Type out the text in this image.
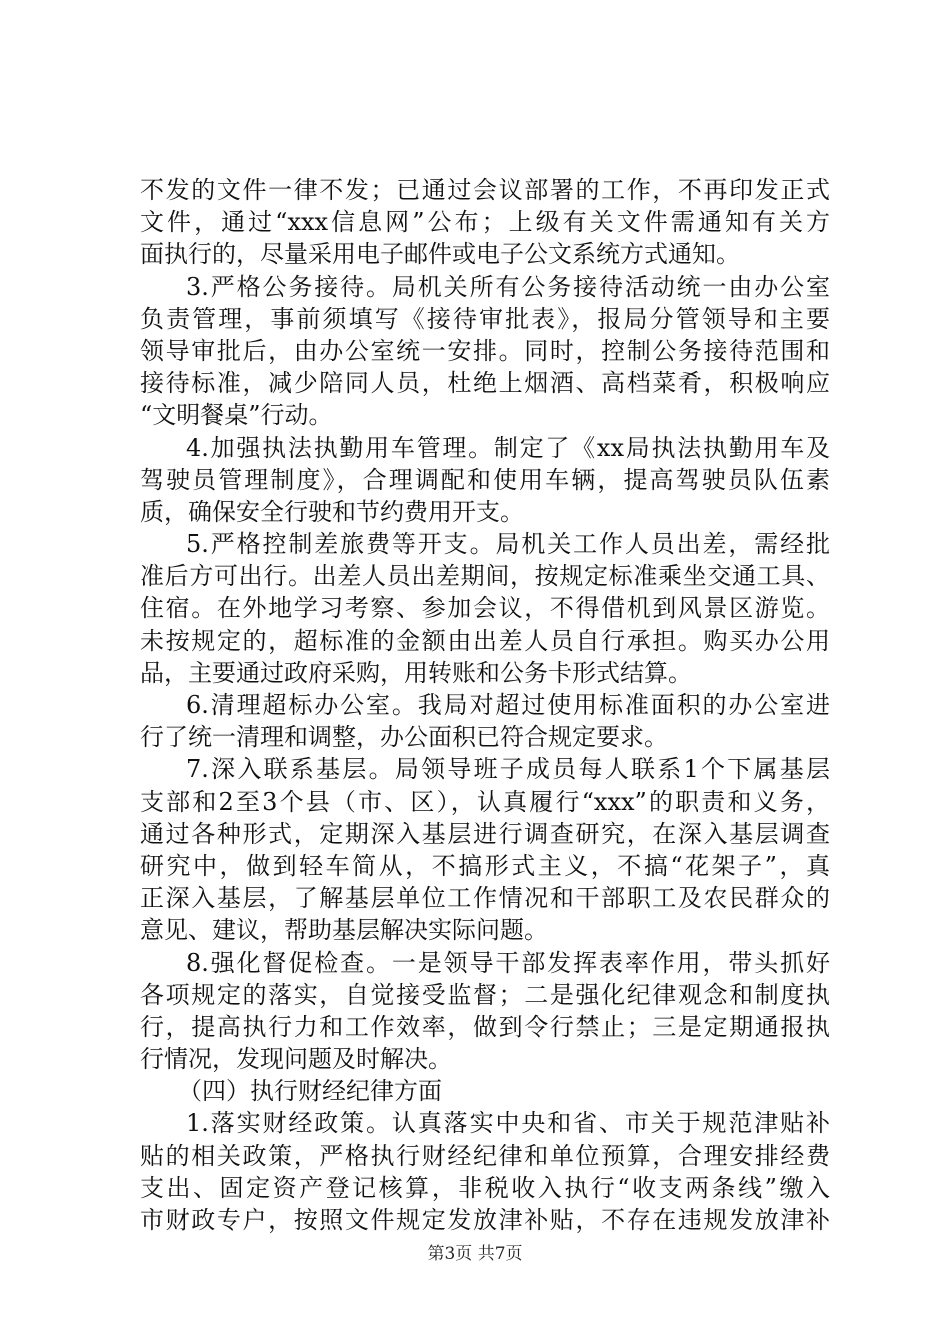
不发的文件一律不发；已通过会议部署的工作，不再印发正式
文件，通过“xxx信息网”公布；上级有关文件需通知有关方
面执行的，尽量采用电子邮件或电子公文系统方式通知。
3.严格公务接待。局机关所有公务接待活动统一由办公室
负责管理，事前须填写《接待审批表》，报局分管领导和主要
领导审批后，由办公室统一安排。同时，控制公务接待范围和
接待标准，减少陪同人员，杜绝上烟酒、高档菜肴，积极响应
“文明餐桌”行动。
4.加强执法执勤用车管理。制定了《xx局执法执勤用车及
驾驶员管理制度》，合理调配和使用车辆，提高驾驶员队伍素
质，确保安全行驶和节约费用开支。
5.严格控制差旅费等开支。局机关工作人员出差，需经批
准后方可出行。出差人员出差期间，按规定标准乘坐交通工具、
住宿。在外地学习考察、参加会议，不得借机到风景区游览。
未按规定的，超标准的金额由出差人员自行承担。购买办公用
品，主要通过政府采购，用转账和公务卡形式结算。
6.清理超标办公室。我局对超过使用标准面积的办公室进
行了统一清理和调整，办公面积已符合规定要求。
7.深入联系基层。局领导班子成员每人联系1个下属基层
支部和2至3个县（市、区），认真履行“xxx”的职责和义务，
通过各种形式，定期深入基层进行调查研究，在深入基层调查
研究中，做到轻车简从，不搞形式主义，不搞“花架子”，真
正深入基层，了解基层单位工作情况和干部职工及农民群众的
意见、建议，帮助基层解决实际问题。
8.强化督促检查。一是领导干部发挥表率作用，带头抓好
各项规定的落实，自觉接受监督；二是强化纪律观念和制度执
行，提高执行力和工作效率，做到令行禁止；三是定期通报执
行情况，发现问题及时解决。
（四）执行财经纪律方面
1.落实财经政策。认真落实中央和省、市关于规范津贴补
贴的相关政策，严格执行财经纪律和单位预算，合理安排经费
支出、固定资产登记核算，非税收入执行“收支两条线”缴入
市财政专户，按照文件规定发放津补贴，不存在违规发放津补
第3页 共7页
